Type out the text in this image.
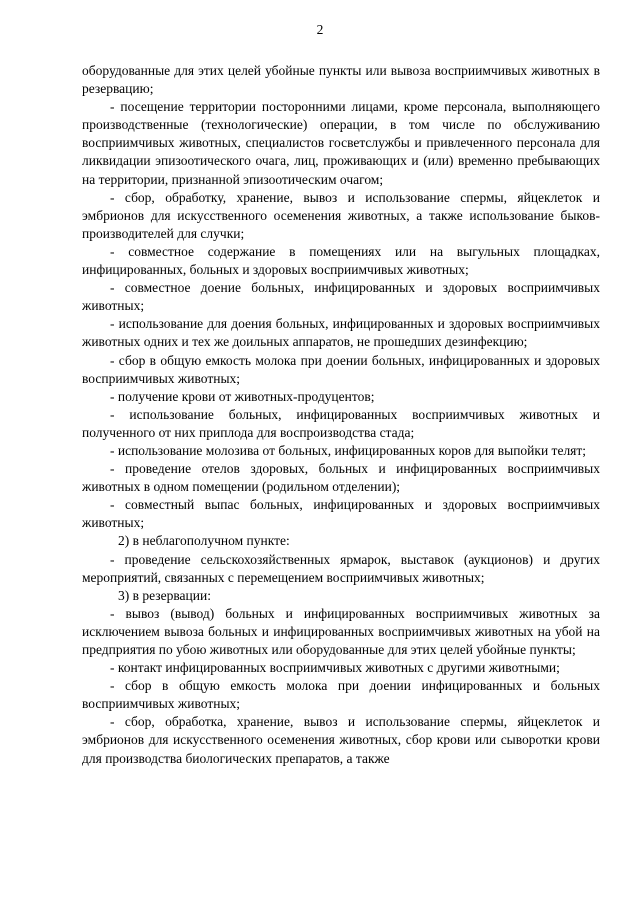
2

оборудованные для этих целей убойные пункты или вывоза восприимчивых животных в резервацию;

- посещение территории посторонними лицами, кроме персонала, выполняющего производственные (технологические) операции, в том числе по обслуживанию восприимчивых животных, специалистов госветслужбы и привлеченного персонала для ликвидации эпизоотического очага, лиц, проживающих и (или) временно пребывающих на территории, признанной эпизоотическим очагом;

- сбор, обработку, хранение, вывоз и использование спермы, яйцеклеток и эмбрионов для искусственного осеменения животных, а также использование быков-производителей для случки;

- совместное содержание в помещениях или на выгульных площадках, инфицированных, больных и здоровых восприимчивых животных;

- совместное доение больных, инфицированных и здоровых восприимчивых животных;

- использование для доения больных, инфицированных и здоровых восприимчивых животных одних и тех же доильных аппаратов, не прошедших дезинфекцию;

- сбор в общую емкость молока при доении больных, инфицированных и здоровых восприимчивых животных;

- получение крови от животных-продуцентов;

- использование больных, инфицированных восприимчивых животных и полученного от них приплода для воспроизводства стада;

- использование молозива от больных, инфицированных коров для выпойки телят;

- проведение отелов здоровых, больных и инфицированных восприимчивых животных в одном помещении (родильном отделении);

- совместный выпас больных, инфицированных и здоровых восприимчивых животных;

2) в неблагополучном пункте:

- проведение сельскохозяйственных ярмарок, выставок (аукционов) и других мероприятий, связанных с перемещением восприимчивых животных;

3) в резервации:

- вывоз (вывод) больных и инфицированных восприимчивых животных за исключением вывоза больных и инфицированных восприимчивых животных на убой на предприятия по убою животных или оборудованные для этих целей убойные пункты;

- контакт инфицированных восприимчивых животных с другими животными;

- сбор в общую емкость молока при доении инфицированных и больных восприимчивых животных;

- сбор, обработка, хранение, вывоз и использование спермы, яйцеклеток и эмбрионов для искусственного осеменения животных, сбор крови или сыворотки крови для производства биологических препаратов, а также
